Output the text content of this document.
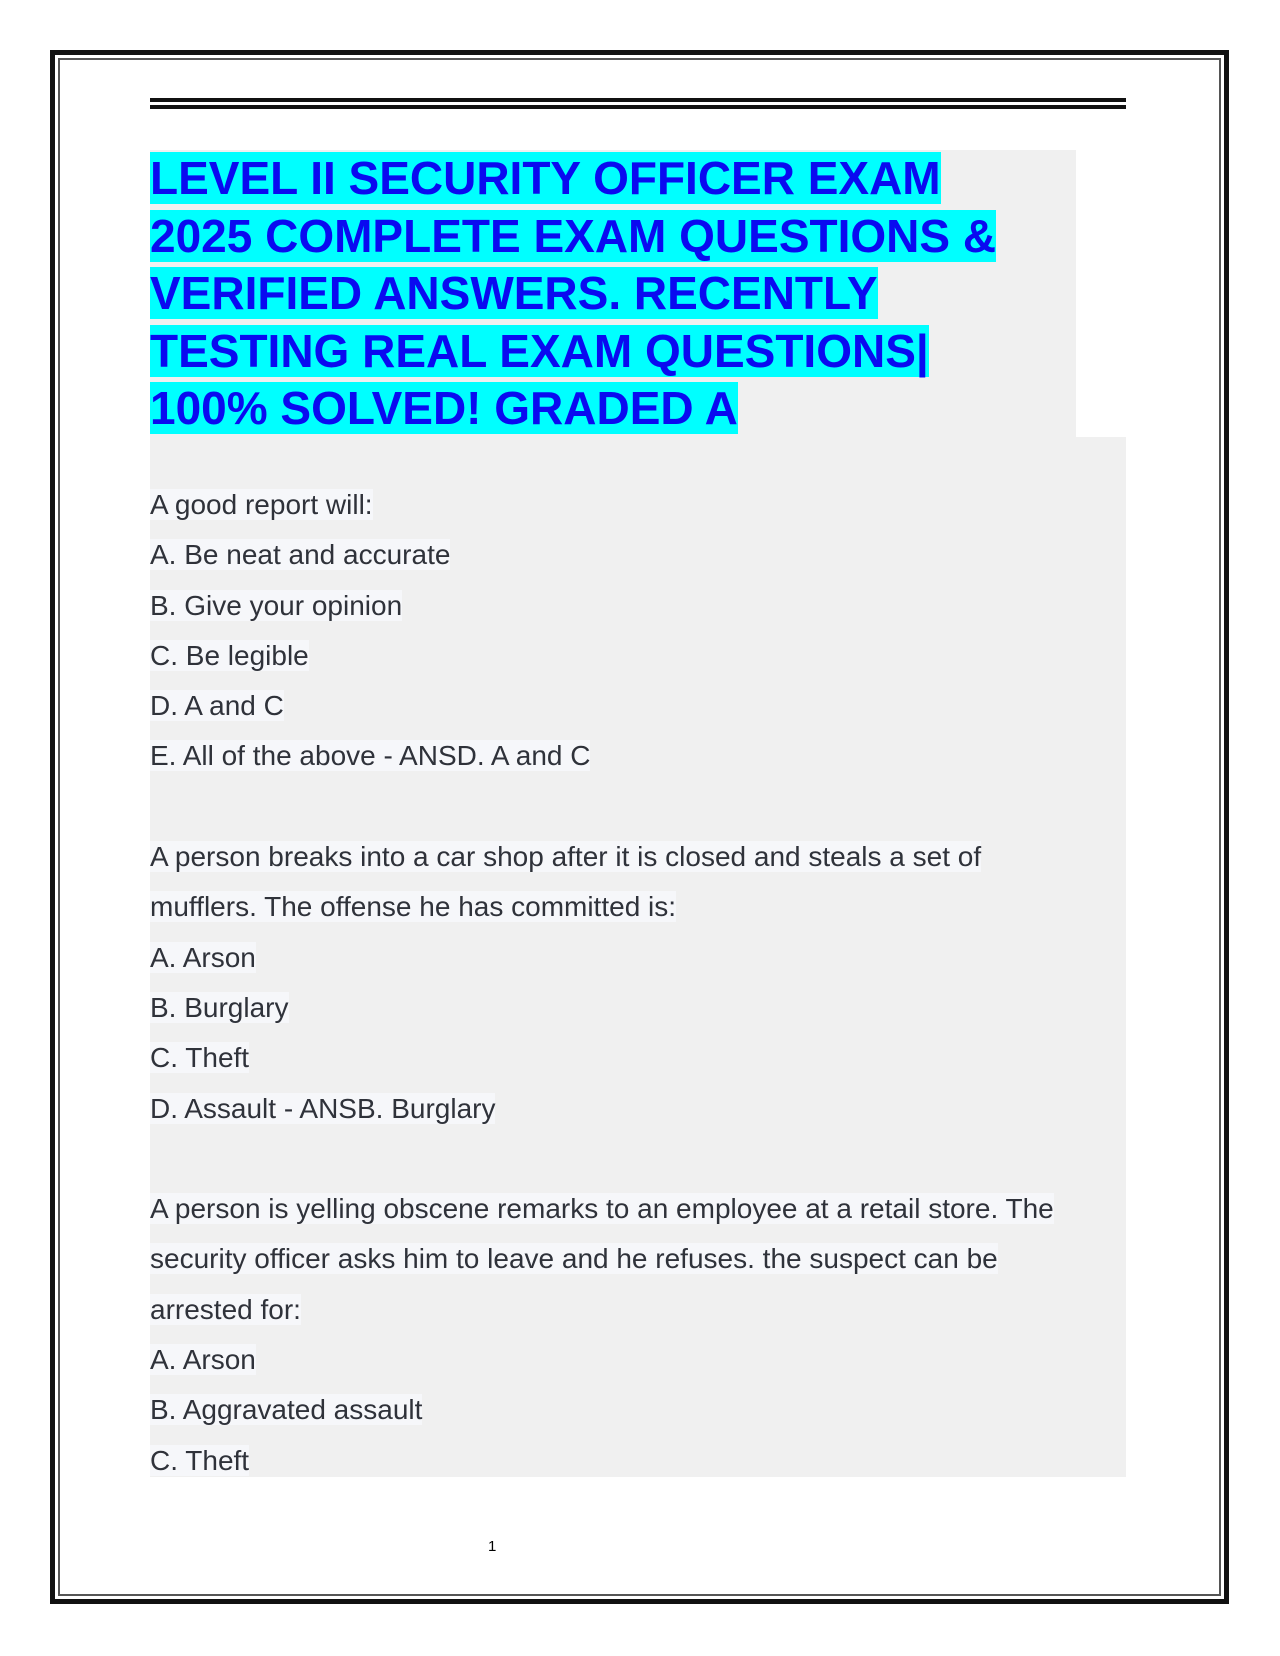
LEVEL II SECURITY OFFICER EXAM
2025 COMPLETE EXAM QUESTIONS &
VERIFIED ANSWERS. RECENTLY
TESTING REAL EXAM QUESTIONS|
100% SOLVED! GRADED A
A good report will:
A. Be neat and accurate
B. Give your opinion
C. Be legible
D. A and C
E. All of the above - ANSD. A and C
A person breaks into a car shop after it is closed and steals a set of
mufflers. The offense he has committed is:
A. Arson
B. Burglary
C. Theft
D. Assault - ANSB. Burglary
A person is yelling obscene remarks to an employee at a retail store. The
security officer asks him to leave and he refuses. the suspect can be
arrested for:
A. Arson
B. Aggravated assault
C. Theft
1
